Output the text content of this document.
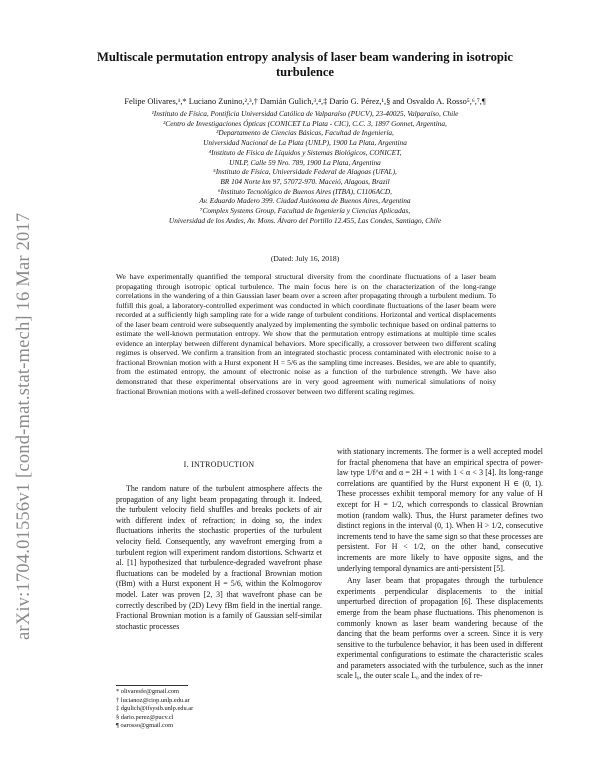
arXiv:1704.01556v1 [cond-mat.stat-mech] 16 Mar 2017
Multiscale permutation entropy analysis of laser beam wandering in isotropic turbulence
Felipe Olivares,¹,* Luciano Zunino,²,³,† Damián Gulich,³,⁴,‡ Darío G. Pérez,¹,§ and Osvaldo A. Rosso⁵,⁶,⁷,¶
¹Instituto de Física, Pontificia Universidad Católica de Valparaíso (PUCV), 23-40025, Valparaíso, Chile
²Centro de Investigaciones Ópticas (CONICET La Plata - CIC), C.C. 3, 1897 Gonnet, Argentina,
³Departamento de Ciencias Básicas, Facultad de Ingeniería,
Universidad Nacional de La Plata (UNLP), 1900 La Plata, Argentina
⁴Instituto de Física de Líquidos y Sistemas Biológicos, CONICET,
UNLP, Calle 59 Nro. 789, 1900 La Plata, Argentina
⁵Instituto de Física, Universidade Federal de Alagoas (UFAL),
BR 104 Norte km 97, 57072-970. Maceió, Alagoas, Brazil
⁶Instituto Tecnológico de Buenos Aires (ITBA), C1106ACD,
Av. Eduardo Madero 399. Ciudad Autónoma de Buenos Aires, Argentina
⁷Complex Systems Group, Facultad de Ingeniería y Ciencias Aplicadas,
Universidad de los Andes, Av. Mons. Álvaro del Portillo 12.455, Las Condes, Santiago, Chile
(Dated: July 16, 2018)
We have experimentally quantified the temporal structural diversity from the coordinate fluctuations of a laser beam propagating through isotropic optical turbulence. The main focus here is on the characterization of the long-range correlations in the wandering of a thin Gaussian laser beam over a screen after propagating through a turbulent medium. To fulfill this goal, a laboratory-controlled experiment was conducted in which coordinate fluctuations of the laser beam were recorded at a sufficiently high sampling rate for a wide range of turbulent conditions. Horizontal and vertical displacements of the laser beam centroid were subsequently analyzed by implementing the symbolic technique based on ordinal patterns to estimate the well-known permutation entropy. We show that the permutation entropy estimations at multiple time scales evidence an interplay between different dynamical behaviors. More specifically, a crossover between two different scaling regimes is observed. We confirm a transition from an integrated stochastic process contaminated with electronic noise to a fractional Brownian motion with a Hurst exponent H = 5/6 as the sampling time increases. Besides, we are able to quantify, from the estimated entropy, the amount of electronic noise as a function of the turbulence strength. We have also demonstrated that these experimental observations are in very good agreement with numerical simulations of noisy fractional Brownian motions with a well-defined crossover between two different scaling regimes.
I. INTRODUCTION
The random nature of the turbulent atmosphere affects the propagation of any light beam propagating through it. Indeed, the turbulent velocity field shuffles and breaks pockets of air with different index of refraction; in doing so, the index fluctuations inherits the stochastic properties of the turbulent velocity field. Consequently, any wavefront emerging from a turbulent region will experiment random distortions. Schwartz et al. [1] hypothesized that turbulence-degraded wavefront phase fluctuations can be modeled by a fractional Brownian motion (fBm) with a Hurst exponent H = 5/6, within the Kolmogorov model. Later was proven [2, 3] that wavefront phase can be correctly described by (2D) Levy fBm field in the inertial range. Fractional Brownian motion is a family of Gaussian self-similar stochastic processes

with stationary increments. The former is a well accepted model for fractal phenomena that have an empirical spectra of power-law type 1/f^α and α = 2H + 1 with 1 < α < 3 [4]. Its long-range correlations are quantified by the Hurst exponent H ∈ (0, 1). These processes exhibit temporal memory for any value of H except for H = 1/2, which corresponds to classical Brownian motion (random walk). Thus, the Hurst parameter defines two distinct regions in the interval (0, 1). When H > 1/2, consecutive increments tend to have the same sign so that these processes are persistent. For H < 1/2, on the other hand, consecutive increments are more likely to have opposite signs, and the underlying temporal dynamics are anti-persistent [5].

Any laser beam that propagates through the turbulence experiments perpendicular displacements to the initial unperturbed direction of propagation [6]. These displacements emerge from the beam phase fluctuations. This phenomenon is commonly known as laser beam wandering because of the dancing that the beam performs over a screen. Since it is very sensitive to the turbulence behavior, it has been used in different experimental configurations to estimate the characteristic scales and parameters associated with the turbulence, such as the inner scale l₀, the outer scale L₀ and the index of re-

* olivaresfe@gmail.com
† lucianoz@ciop.unlp.edu.ar
‡ dgulich@ifsysib.unlp.edu.ar
§ dario.perez@pucv.cl
¶ oarosso@gmail.com
